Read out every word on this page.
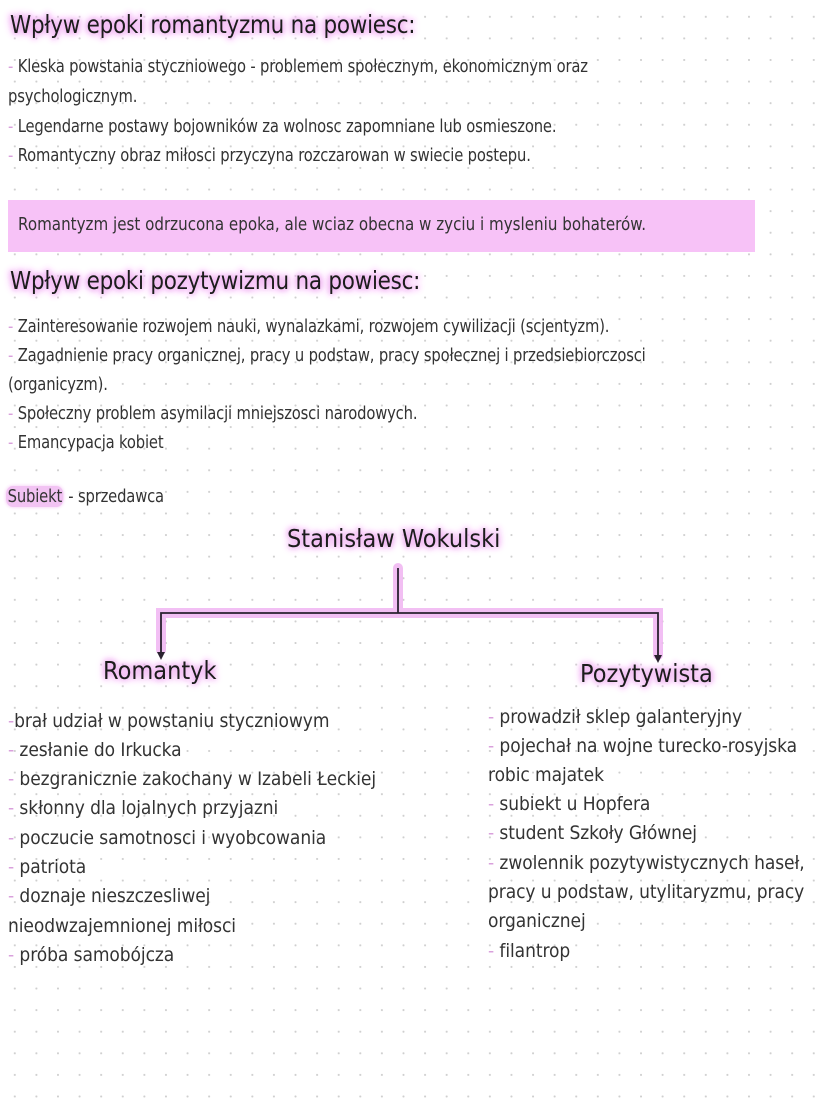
Wpływ epoki romantyzmu na powiesc:
- Kleska powstania styczniowego - problemem społecznym, ekonomicznym oraz
psychologicznym.
- Legendarne postawy bojowników za wolnosc zapomniane lub osmieszone.
- Romantyczny obraz miłosci przyczyna rozczarowan w swiecie postepu.
Romantyzm jest odrzucona epoka, ale wciaz obecna w zyciu i mysleniu bohaterów.
Wpływ epoki pozytywizmu na powiesc:
- Zainteresowanie rozwojem nauki, wynalazkami, rozwojem cywilizacji (scjentyzm).
- Zagadnienie pracy organicznej, pracy u podstaw, pracy społecznej i przedsiebiorczosci
(organicyzm).
- Społeczny problem asymilacji mniejszosci narodowych.
- Emancypacja kobiet
Subiekt - sprzedawca
Stanisław Wokulski
Romantyk	Pozytywista
-brał udział w powstaniu styczniowym
- zesłanie do Irkucka
- bezgranicznie zakochany w Izabeli Łeckiej
- skłonny dla lojalnych przyjazni
- poczucie samotnosci i wyobcowania
- patriota
- doznaje nieszczesliwej
nieodwzajemnionej miłosci
- próba samobójcza
- prowadził sklep galanteryjny
- pojechał na wojne turecko-rosyjska
robic majatek
- subiekt u Hopfera
- student Szkoły Głównej
- zwolennik pozytywistycznych haseł,
pracy u podstaw, utylitaryzmu, pracy
organicznej
- filantrop
